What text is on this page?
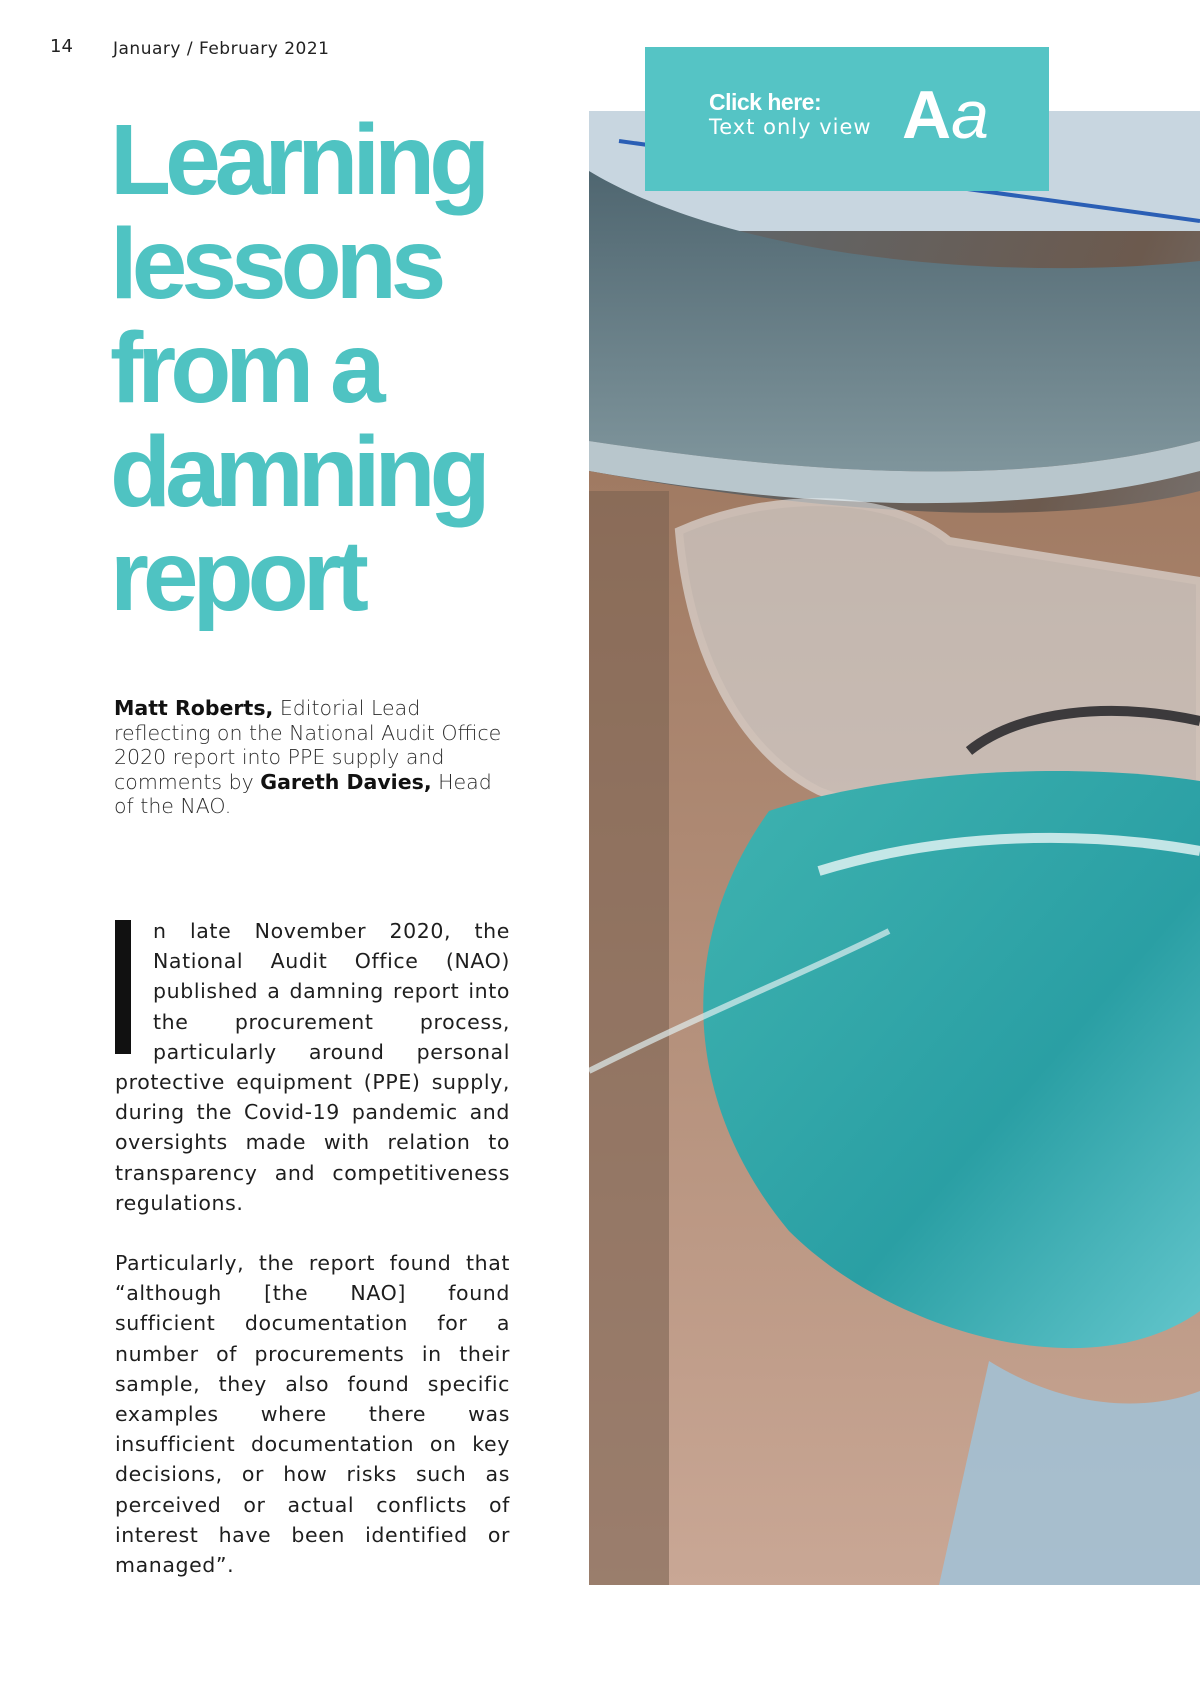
14 January / February 2021
Learning
lessons
from a
damning
report
Matt Roberts, Editorial Lead reflecting on the National Audit Office 2020 report into PPE supply and comments by Gareth Davies, Head of the NAO.

n late November 2020, the National Audit Office (NAO) published a damning report into the procurement process, particularly around personal protective equipment (PPE) supply, during the Covid-19 pandemic and oversights made with relation to transparency and competitiveness regulations.

Particularly, the report found that “although [the NAO] found sufficient documentation for a number of procurements in their sample, they also found specific examples where there was insufficient documentation on key decisions, or how risks such as perceived or actual conflicts of interest have been identified or managed”.

Click here:
Text only view Aa
